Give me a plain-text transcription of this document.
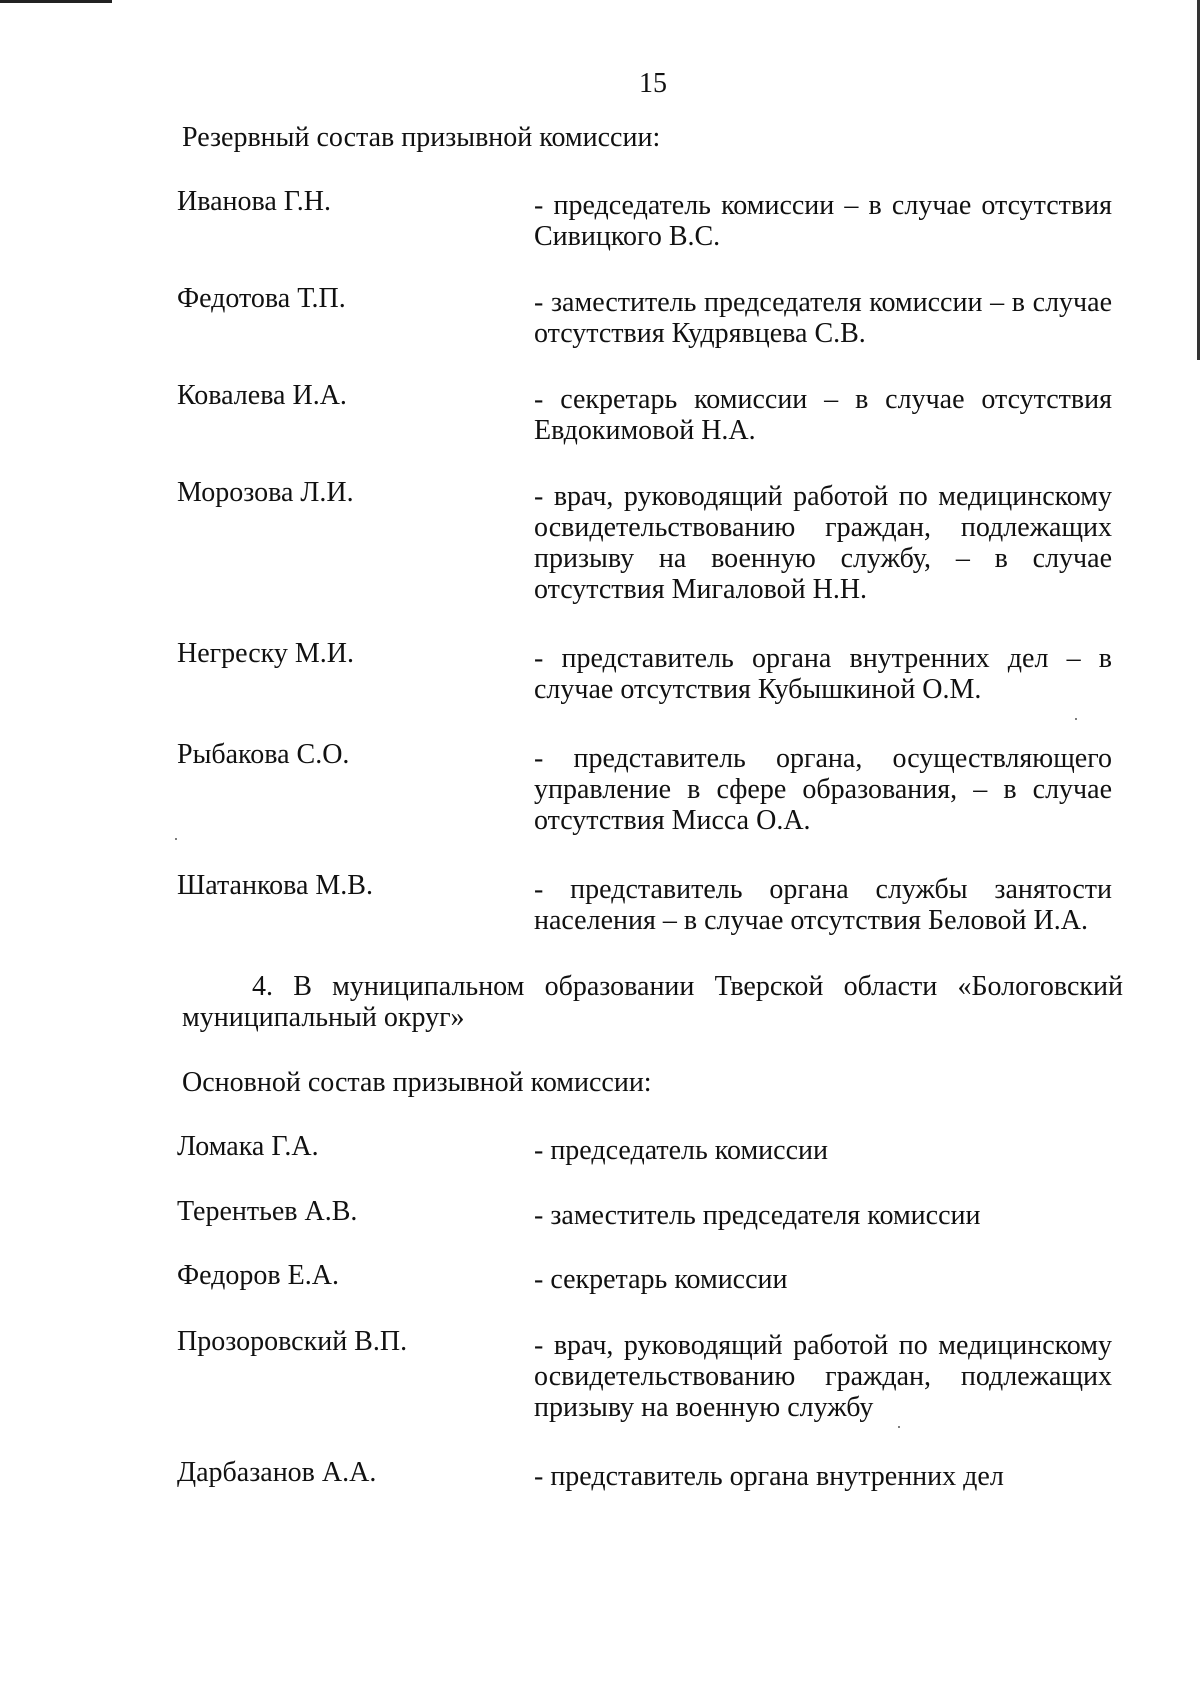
15
Резервный состав призывной комиссии:
Иванова Г.Н.	- председатель комиссии – в случае отсутствия Сивицкого В.С.
Федотова Т.П.	- заместитель председателя комиссии – в случае отсутствия Кудрявцева С.В.
Ковалева И.А.	- секретарь комиссии – в случае отсутствия Евдокимовой Н.А.
Морозова Л.И.	- врач, руководящий работой по медицинскому освидетельствованию граждан, подлежащих призыву на военную службу, – в случае отсутствия Мигаловой Н.Н.
Негреску М.И.	- представитель органа внутренних дел – в случае отсутствия Кубышкиной О.М.
Рыбакова С.О.	- представитель органа, осуществляющего управление в сфере образования, – в случае отсутствия Мисса О.А.
Шатанкова М.В.	- представитель органа службы занятости населения – в случае отсутствия Беловой И.А.
4. В муниципальном образовании Тверской области «Бологовский муниципальный округ»
Основной состав призывной комиссии:
Ломака Г.А.	- председатель комиссии
Терентьев А.В.	- заместитель председателя комиссии
Федоров Е.А.	- секретарь комиссии
Прозоровский В.П.	- врач, руководящий работой по медицинскому освидетельствованию граждан, подлежащих призыву на военную службу
Дарбазанов А.А.	- представитель органа внутренних дел
